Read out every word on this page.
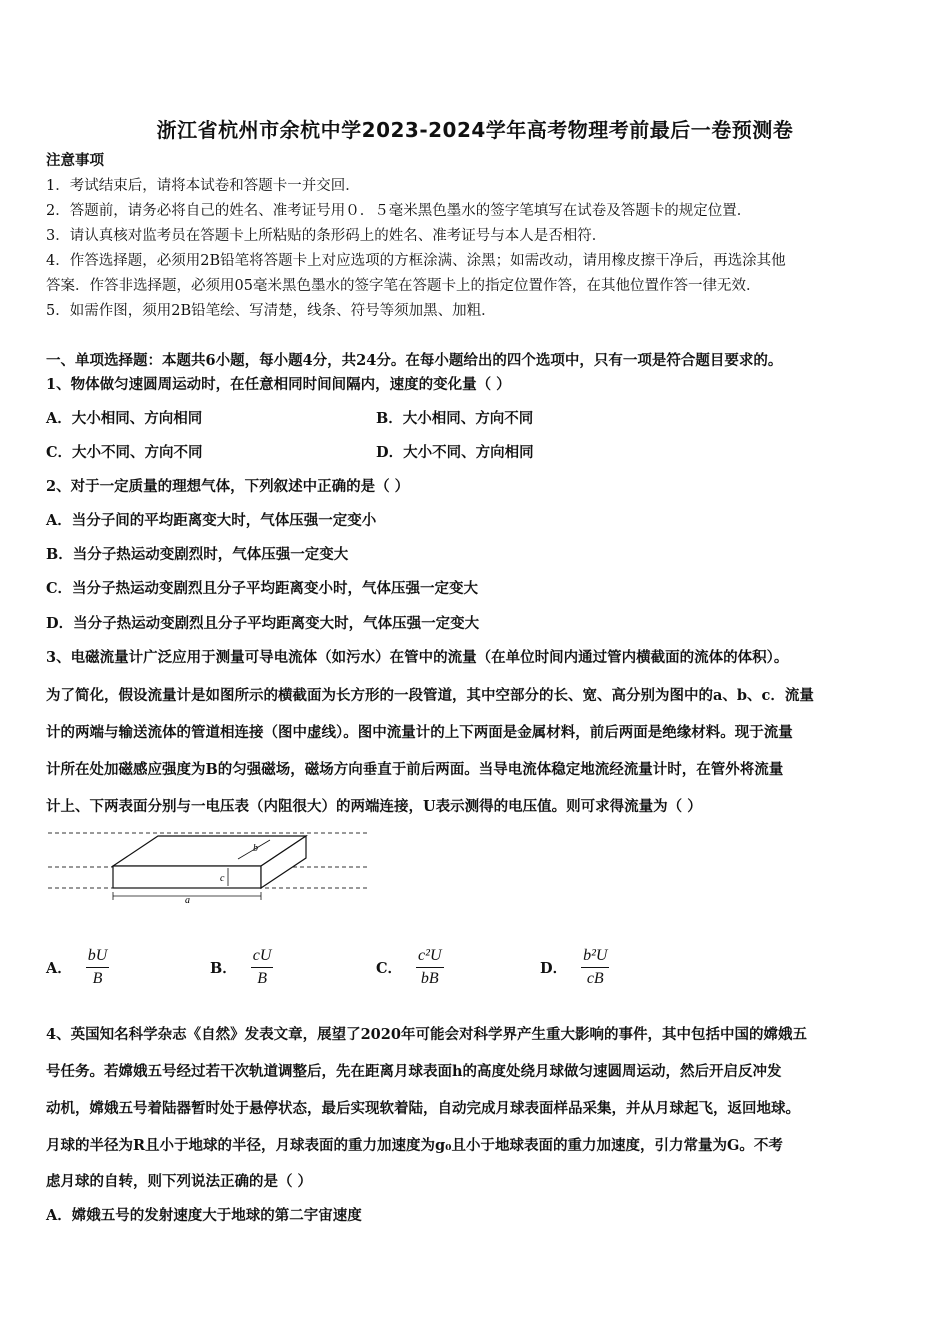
浙江省杭州市余杭中学2023-2024学年高考物理考前最后一卷预测卷
注意事项
1．考试结束后，请将本试卷和答题卡一并交回．
2．答题前，请务必将自己的姓名、准考证号用０．５毫米黑色墨水的签字笔填写在试卷及答题卡的规定位置．
3．请认真核对监考员在答题卡上所粘贴的条形码上的姓名、准考证号与本人是否相符．
4．作答选择题，必须用2B铅笔将答题卡上对应选项的方框涂满、涂黑；如需改动，请用橡皮擦干净后，再选涂其他
答案．作答非选择题，必须用05毫米黑色墨水的签字笔在答题卡上的指定位置作答，在其他位置作答一律无效．
5．如需作图，须用2B铅笔绘、写清楚，线条、符号等须加黑、加粗．
一、单项选择题：本题共6小题，每小题4分，共24分。在每小题给出的四个选项中，只有一项是符合题目要求的。
1、物体做匀速圆周运动时，在任意相同时间间隔内，速度的变化量（ ）
A．大小相同、方向相同	B．大小相同、方向不同
C．大小不同、方向不同	D．大小不同、方向相同
2、对于一定质量的理想气体，下列叙述中正确的是（ ）
A．当分子间的平均距离变大时，气体压强一定变小
B．当分子热运动变剧烈时，气体压强一定变大
C．当分子热运动变剧烈且分子平均距离变小时，气体压强一定变大
D．当分子热运动变剧烈且分子平均距离变大时，气体压强一定变大
3、电磁流量计广泛应用于测量可导电流体（如污水）在管中的流量（在单位时间内通过管内横截面的流体的体积）。
为了简化，假设流量计是如图所示的横截面为长方形的一段管道，其中空部分的长、宽、高分别为图中的a、b、c．流量
计的两端与输送流体的管道相连接（图中虚线）。图中流量计的上下两面是金属材料，前后两面是绝缘材料。现于流量
计所在处加磁感应强度为B的匀强磁场，磁场方向垂直于前后两面。当导电流体稳定地流经流量计时，在管外将流量
计上、下两表面分别与一电压表（内阻很大）的两端连接，U表示测得的电压值。则可求得流量为（ ）
b
c
a
A． $\frac{bU}{B}$	B． $\frac{cU}{B}$	C． $\frac{\text{c²U}}{bB}$	D． $\frac{\text{b²U}}{cB}$
4、英国知名科学杂志《自然》发表文章，展望了2020年可能会对科学界产生重大影响的事件，其中包括中国的嫦娥五
号任务。若嫦娥五号经过若干次轨道调整后，先在距离月球表面h的高度处绕月球做匀速圆周运动，然后开启反冲发
动机，嫦娥五号着陆器暂时处于悬停状态，最后实现软着陆，自动完成月球表面样品采集，并从月球起飞，返回地球。
月球的半径为R且小于地球的半径，月球表面的重力加速度为g₀且小于地球表面的重力加速度，引力常量为G。不考
虑月球的自转，则下列说法正确的是（ ）
A．嫦娥五号的发射速度大于地球的第二宇宙速度
